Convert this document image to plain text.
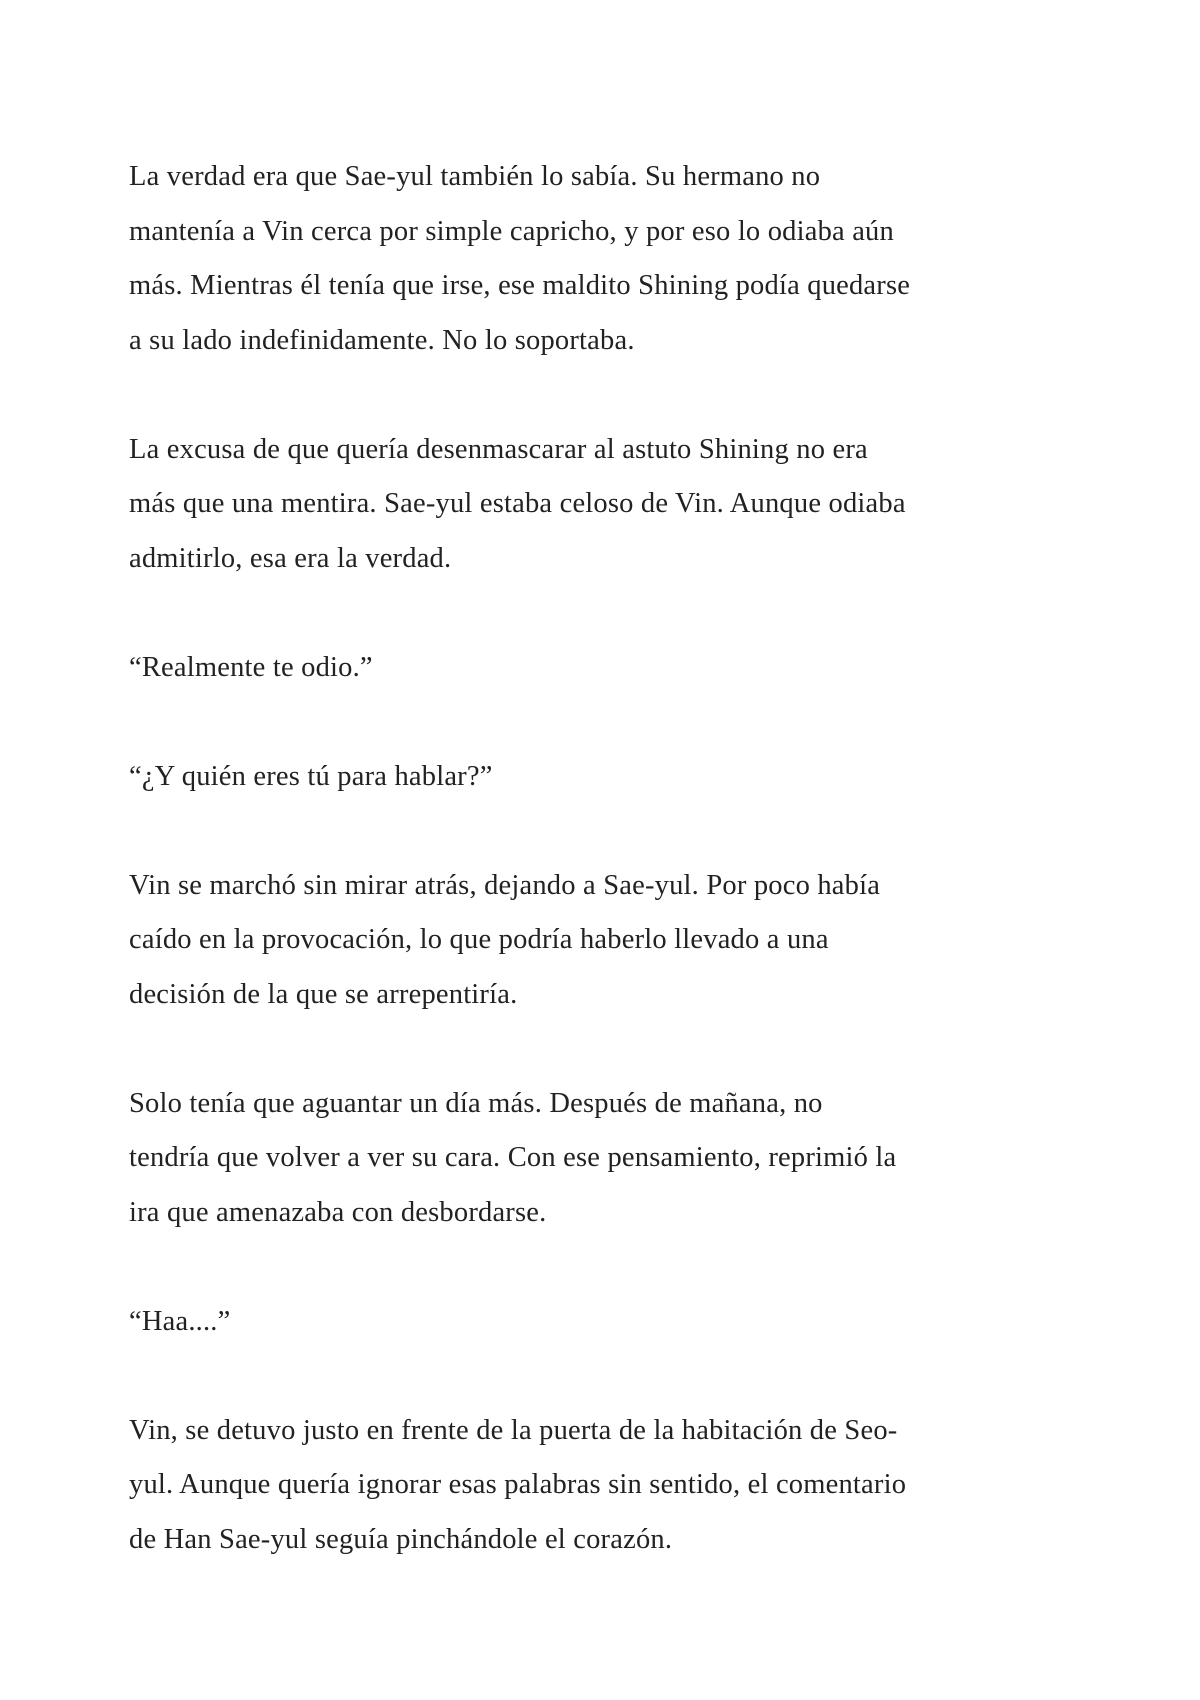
La verdad era que Sae-yul también lo sabía. Su hermano no
mantenía a Vin cerca por simple capricho, y por eso lo odiaba aún
más. Mientras él tenía que irse, ese maldito Shining podía quedarse
a su lado indefinidamente. No lo soportaba.

La excusa de que quería desenmascarar al astuto Shining no era
más que una mentira. Sae-yul estaba celoso de Vin. Aunque odiaba
admitirlo, esa era la verdad.

“Realmente te odio.”

“¿Y quién eres tú para hablar?”

Vin se marchó sin mirar atrás, dejando a Sae-yul. Por poco había
caído en la provocación, lo que podría haberlo llevado a una
decisión de la que se arrepentiría.

Solo tenía que aguantar un día más. Después de mañana, no
tendría que volver a ver su cara. Con ese pensamiento, reprimió la
ira que amenazaba con desbordarse.

“Haa....”

Vin, se detuvo justo en frente de la puerta de la habitación de Seo-
yul. Aunque quería ignorar esas palabras sin sentido, el comentario
de Han Sae-yul seguía pinchándole el corazón.
